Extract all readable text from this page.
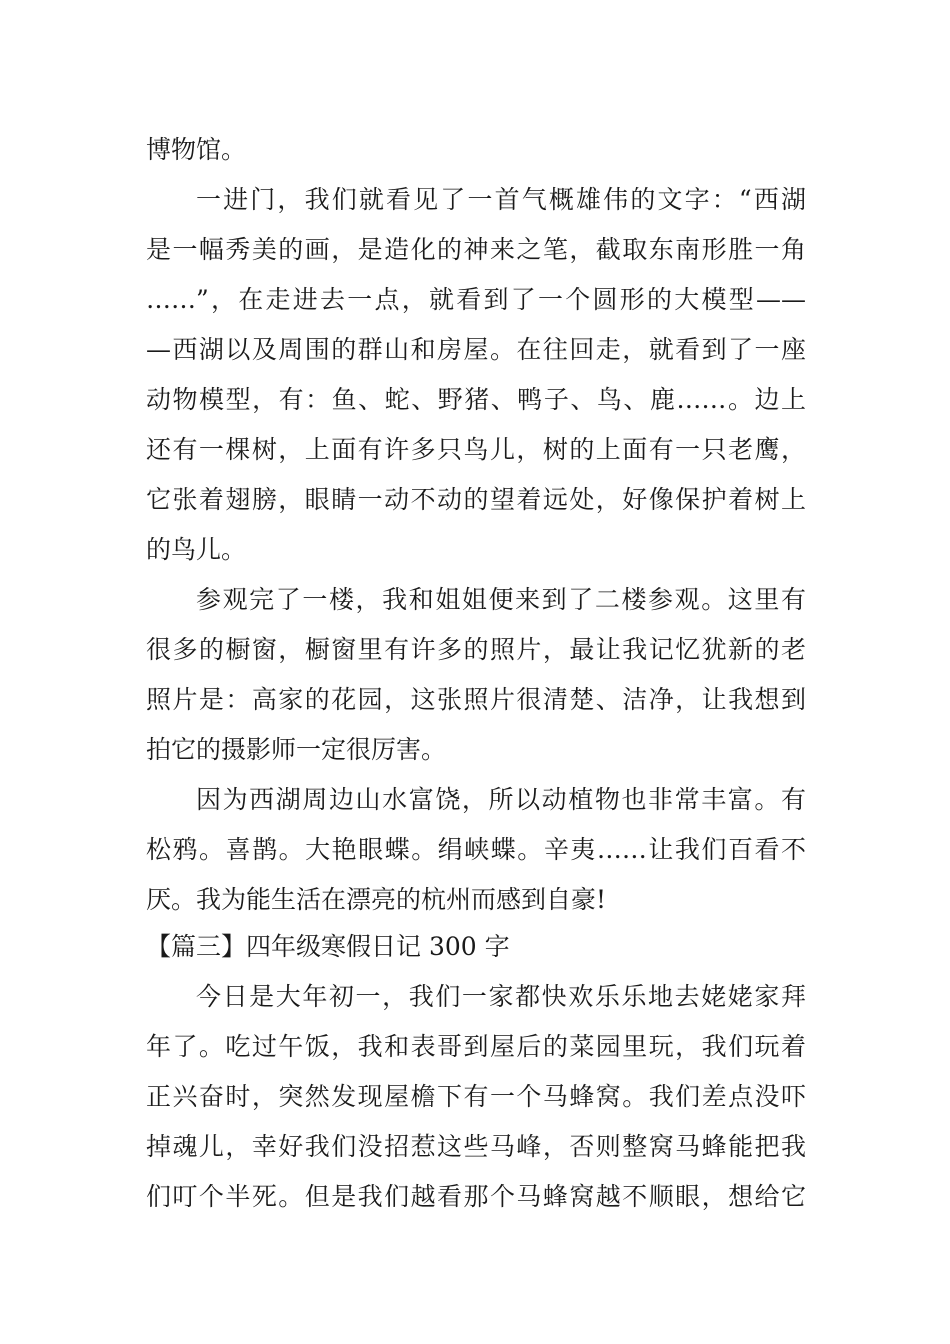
博物馆。
一进门，我们就看见了一首气概雄伟的文字：“西湖
是一幅秀美的画，是造化的神来之笔，截取东南形胜一角
……”，在走进去一点，就看到了一个圆形的大模型——
—西湖以及周围的群山和房屋。在往回走，就看到了一座
动物模型，有：鱼、蛇、野猪、鸭子、鸟、鹿……。边上
还有一棵树，上面有许多只鸟儿，树的上面有一只老鹰，
它张着翅膀，眼睛一动不动的望着远处，好像保护着树上
的鸟儿。
参观完了一楼，我和姐姐便来到了二楼参观。这里有
很多的橱窗，橱窗里有许多的照片，最让我记忆犹新的老
照片是：高家的花园，这张照片很清楚、洁净，让我想到
拍它的摄影师一定很厉害。
因为西湖周边山水富饶，所以动植物也非常丰富。有
松鸦。喜鹊。大艳眼蝶。绢峡蝶。辛夷……让我们百看不
厌。我为能生活在漂亮的杭州而感到自豪!
【篇三】四年级寒假日记 300 字
今日是大年初一，我们一家都快欢乐乐地去姥姥家拜
年了。吃过午饭，我和表哥到屋后的菜园里玩，我们玩着
正兴奋时，突然发现屋檐下有一个马蜂窝。我们差点没吓
掉魂儿，幸好我们没招惹这些马峰，否则整窝马蜂能把我
们叮个半死。但是我们越看那个马蜂窝越不顺眼，想给它
